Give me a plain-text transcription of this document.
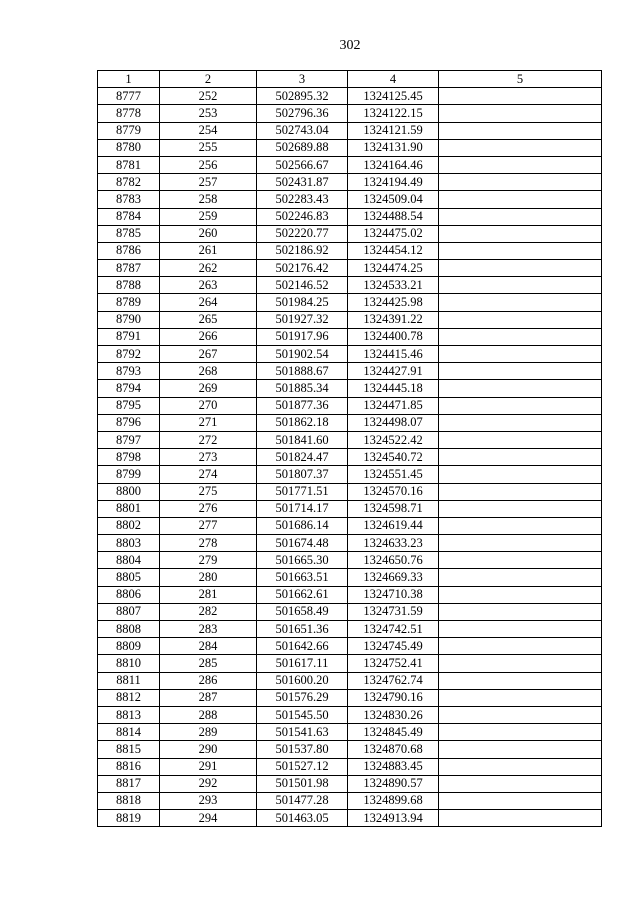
302
1	2	3	4	5
8777	252	502895.32	1324125.45	
8778	253	502796.36	1324122.15	
8779	254	502743.04	1324121.59	
8780	255	502689.88	1324131.90	
8781	256	502566.67	1324164.46	
8782	257	502431.87	1324194.49	
8783	258	502283.43	1324509.04	
8784	259	502246.83	1324488.54	
8785	260	502220.77	1324475.02	
8786	261	502186.92	1324454.12	
8787	262	502176.42	1324474.25	
8788	263	502146.52	1324533.21	
8789	264	501984.25	1324425.98	
8790	265	501927.32	1324391.22	
8791	266	501917.96	1324400.78	
8792	267	501902.54	1324415.46	
8793	268	501888.67	1324427.91	
8794	269	501885.34	1324445.18	
8795	270	501877.36	1324471.85	
8796	271	501862.18	1324498.07	
8797	272	501841.60	1324522.42	
8798	273	501824.47	1324540.72	
8799	274	501807.37	1324551.45	
8800	275	501771.51	1324570.16	
8801	276	501714.17	1324598.71	
8802	277	501686.14	1324619.44	
8803	278	501674.48	1324633.23	
8804	279	501665.30	1324650.76	
8805	280	501663.51	1324669.33	
8806	281	501662.61	1324710.38	
8807	282	501658.49	1324731.59	
8808	283	501651.36	1324742.51	
8809	284	501642.66	1324745.49	
8810	285	501617.11	1324752.41	
8811	286	501600.20	1324762.74	
8812	287	501576.29	1324790.16	
8813	288	501545.50	1324830.26	
8814	289	501541.63	1324845.49	
8815	290	501537.80	1324870.68	
8816	291	501527.12	1324883.45	
8817	292	501501.98	1324890.57	
8818	293	501477.28	1324899.68	
8819	294	501463.05	1324913.94	
